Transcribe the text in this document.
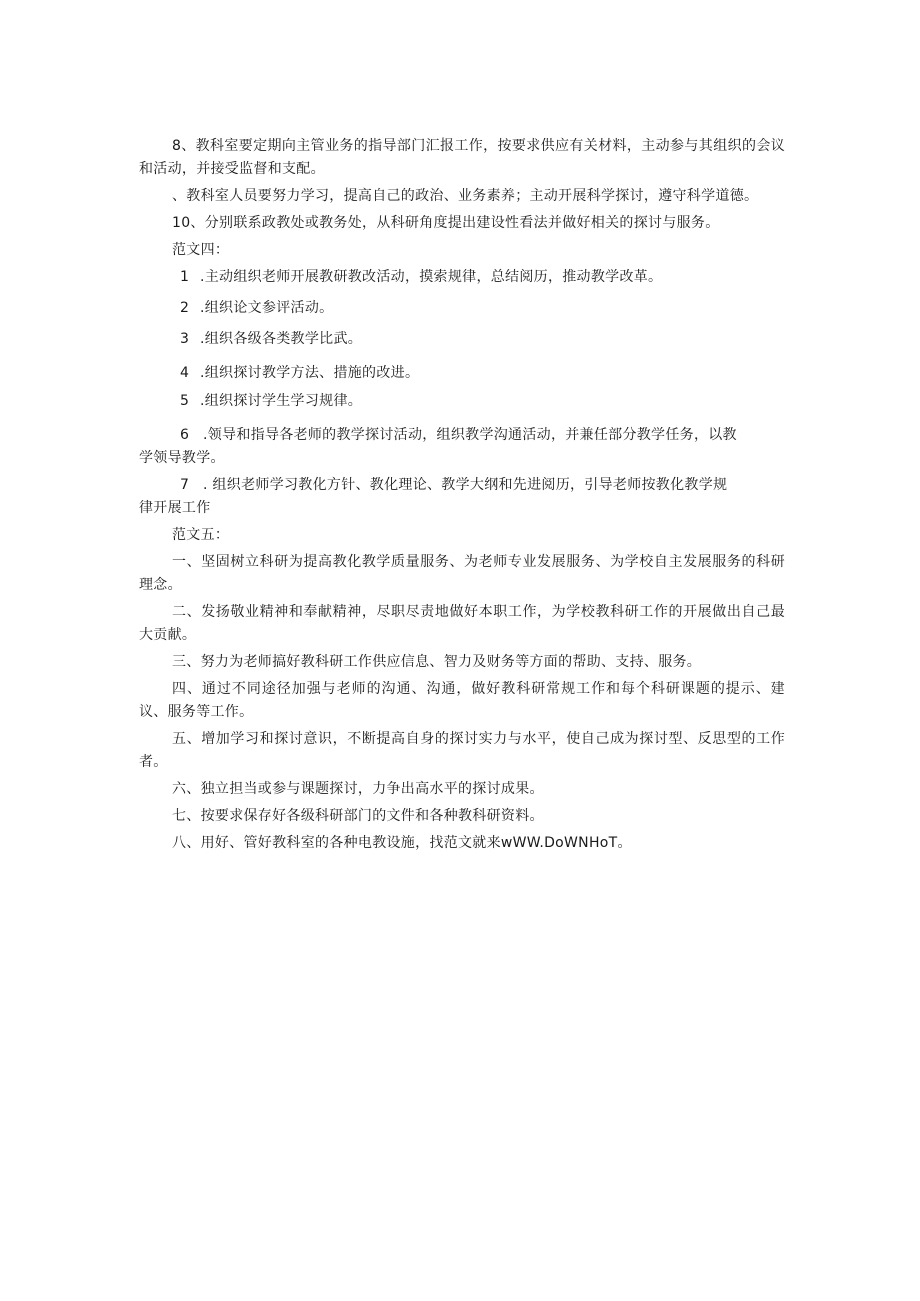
8、教科室要定期向主管业务的指导部门汇报工作，按要求供应有关材料，主动参与其组织的会议和活动，并接受监督和支配。

、教科室人员要努力学习，提高自己的政治、业务素养；主动开展科学探讨，遵守科学道德。

10、分别联系政教处或教务处，从科研角度提出建设性看法并做好相关的探讨与服务。

范文四：

1 .主动组织老师开展教研教改活动，摸索规律，总结阅历，推动教学改革。

2 .组织论文参评活动。

3 .组织各级各类教学比武。

4 .组织探讨教学方法、措施的改进。

5 .组织探讨学生学习规律。

6 .领导和指导各老师的教学探讨活动，组织教学沟通活动，并兼任部分教学任务，以教
学领导教学。

7 . 组织老师学习教化方针、教化理论、教学大纲和先进阅历，引导老师按教化教学规
律开展工作

范文五：

一、坚固树立科研为提高教化教学质量服务、为老师专业发展服务、为学校自主发展服务的科研理念。

二、发扬敬业精神和奉献精神，尽职尽责地做好本职工作，为学校教科研工作的开展做出自己最大贡献。

三、努力为老师搞好教科研工作供应信息、智力及财务等方面的帮助、支持、服务。

四、通过不同途径加强与老师的沟通、沟通，做好教科研常规工作和每个科研课题的提示、建议、服务等工作。

五、增加学习和探讨意识，不断提高自身的探讨实力与水平，使自己成为探讨型、反思型的工作者。

六、独立担当或参与课题探讨，力争出高水平的探讨成果。

七、按要求保存好各级科研部门的文件和各种教科研资料。

八、用好、管好教科室的各种电教设施，找范文就来wWW.DoWNHoT。
